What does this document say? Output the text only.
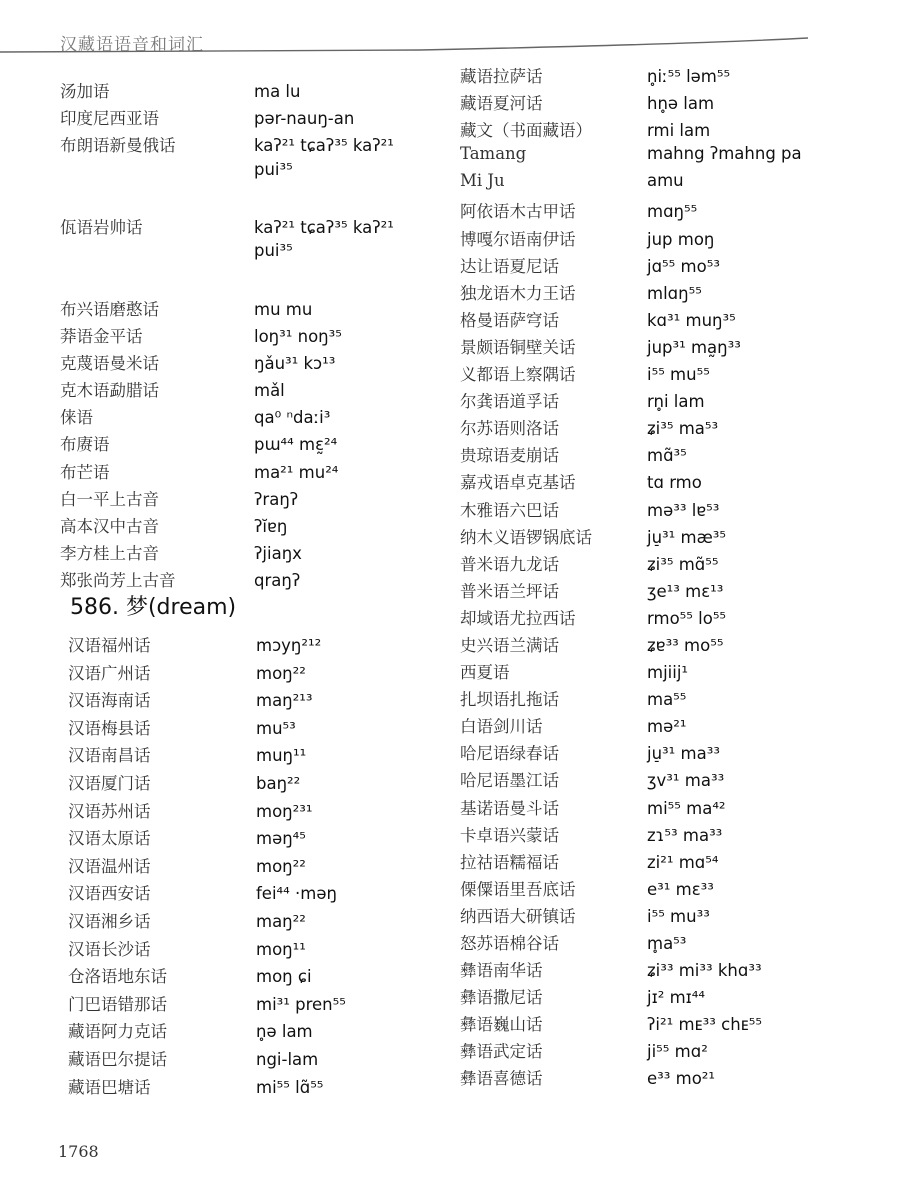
汉藏语语音和词汇
汤加语	ma lu
印度尼西亚语	pər-nauŋ-an
布朗语新曼俄话	kaʔ²¹ tɕaʔ³⁵ kaʔ²¹
pui³⁵
佤语岩帅话	kaʔ²¹ tɕaʔ³⁵ kaʔ²¹
pui³⁵
布兴语磨憨话	mu mu
莽语金平话	loŋ³¹ noŋ³⁵
克蔑语曼米话	ŋǎu³¹ kɔ¹³
克木语勐腊话	mǎl
俫语	qa⁰ ⁿdaːi³
布赓语	pɯ⁴⁴ mɛ̰²⁴
布芒语	ma²¹ mu²⁴
白一平上古音	ʔraŋʔ
高本汉中古音	ʔĭɐŋ
李方桂上古音	ʔjiaŋx
郑张尚芳上古音	qraŋʔ
586. 梦(dream)
汉语福州话	mɔyŋ²¹²
汉语广州话	moŋ²²
汉语海南话	maŋ²¹³
汉语梅县话	mu⁵³
汉语南昌话	muŋ¹¹
汉语厦门话	baŋ²²
汉语苏州话	moŋ²³¹
汉语太原话	məŋ⁴⁵
汉语温州话	moŋ²²
汉语西安话	fei⁴⁴ ·məŋ
汉语湘乡话	maŋ²²
汉语长沙话	moŋ¹¹
仓洛语地东话	moŋ ɕi
门巴语错那话	mi³¹ pren⁵⁵
藏语阿力克话	n̥ə lam
藏语巴尔提话	ngi-lam
藏语巴塘话	mi⁵⁵ lɑ̃⁵⁵
藏语拉萨话	n̥iː⁵⁵ ləm⁵⁵
藏语夏河话	hn̥ə lam
藏文（书面藏语）	rmi lam
Tamang	mahng ʔmahng pa
Mi Ju	amu
阿依语木古甲话	mɑŋ⁵⁵
博嘎尔语南伊话	jup moŋ
达让语夏尼话	jɑ⁵⁵ mo⁵³
独龙语木力王话	mlɑŋ⁵⁵
格曼语萨穹话	kɑ³¹ muŋ³⁵
景颇语铜壁关话	jup³¹ ma̰ŋ³³
义都语上察隅话	i⁵⁵ mu⁵⁵
尔龚语道孚话	rn̥i lam
尔苏语则洛话	ʑi³⁵ ma⁵³
贵琼语麦崩话	mɑ̃³⁵
嘉戎语卓克基话	tɑ rmo
木雅语六巴话	mə³³ lɐ⁵³
纳木义语锣锅底话	ju̠³¹ mæ³⁵
普米语九龙话	ʑi³⁵ mɑ̃⁵⁵
普米语兰坪话	ʒe¹³ mɛ¹³
却域语尤拉西话	rmo⁵⁵ lo⁵⁵
史兴语兰满话	ʑɐ³³ mo⁵⁵
西夏语	mjiij¹
扎坝语扎拖话	ma⁵⁵
白语剑川话	mə²¹
哈尼语绿春话	ju̠³¹ ma³³
哈尼语墨江话	ʒv³¹ ma³³
基诺语曼斗话	mi⁵⁵ ma⁴²
卡卓语兴蒙话	zɿ⁵³ ma³³
拉祜语糯福话	zi²¹ mɑ⁵⁴
傈僳语里吾底话	e³¹ mɛ³³
纳西语大研镇话	i⁵⁵ mu³³
怒苏语棉谷话	m̥a⁵³
彝语南华话	ʑi³³ mi³³ khɑ³³
彝语撒尼话	jɪ² mɪ⁴⁴
彝语巍山话	ʔi²¹ mᴇ³³ chᴇ⁵⁵
彝语武定话	ji⁵⁵ mɑ²
彝语喜德话	e³³ mo²¹
1768
